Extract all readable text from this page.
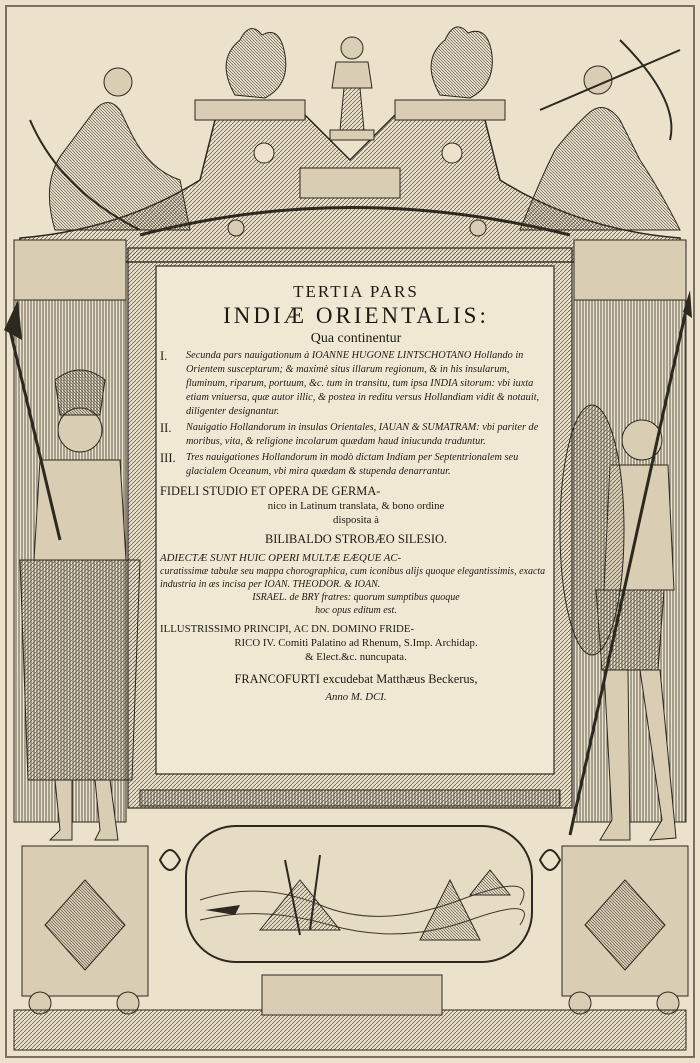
TERTIA PARS
INDIÆ ORIENTALIS:
Qua continentur
I. Secunda pars nauigationum à IOANNE HUGONE LINTSCHOTANO Hollando in Orientem susceptarum; & maximè situs illarum regionum, & in his insularum, fluminum, riparum, portuum, &c. tum in transitu, tum ipsa INDIA sitorum: vbi iuxta etiam vniuersa, quæ autor illic, & postea in reditu versus Hollandiam vidit & notauit, diligenter designantur.
II. Nauigatio Hollandorum in insulas Orientales, IAUAN & SUMATRAM: vbi pariter de moribus, vita, & religione incolarum quædam haud iniucunda traduntur.
III. Tres nauigationes Hollandorum in modò dictam Indiam per Septentrionalem seu glacialem Oceanum, vbi mira quædam & stupenda denarrantur.
FIDELI STUDIO ET OPERA DE GERMA-
nico in Latinum translata, & bono ordine
disposita à
BILIBALDO STROBÆO SILESIO.
ADIECTÆ SUNT HUIC OPERI MULTÆ EÆQUE AC-
curatissimæ tabulæ seu mappa chorographica, cum iconibus alijs quoque elegantissimis, exacta industria in æs incisa per IOAN. THEODOR. & IOAN.
ISRAEL. de BRY fratres: quorum sumptibus quoque
hoc opus editum est.
ILLUSTRISSIMO PRINCIPI, AC DN. DOMINO FRIDE-
RICO IV. Comiti Palatino ad Rhenum, S.Imp. Archidap.
& Elect.&c. nuncupata.
FRANCOFURTI excudebat Matthæus Beckerus,
Anno M. DCI.
